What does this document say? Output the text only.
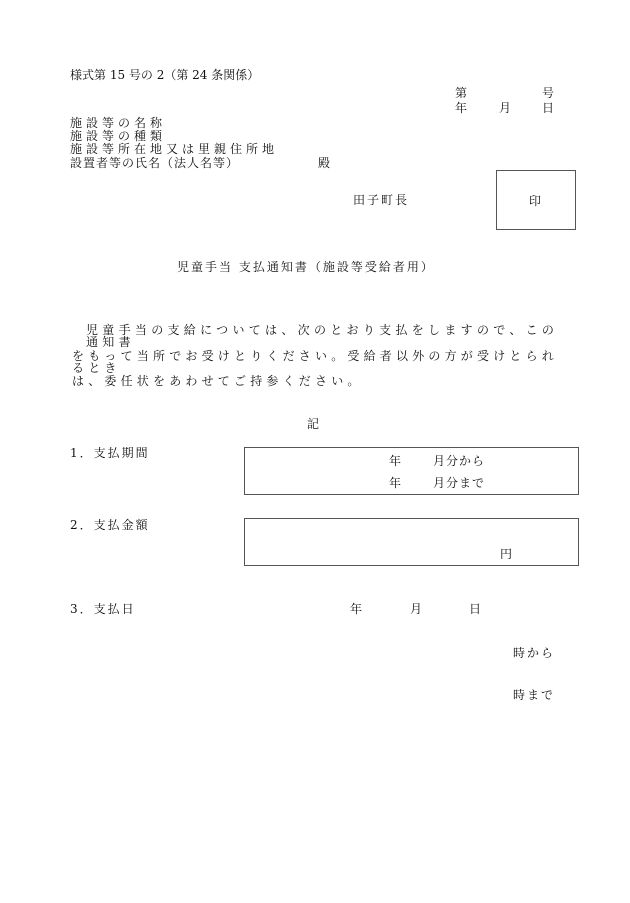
様式第 15 号の 2（第 24 条関係）
第	号
年	月	日
施設等の名称
施設等の種類
施設等所在地又は里親住所地
設置者等の氏名（法人名等）	殿
田子町長	印
児童手当 支払通知書（施設等受給者用）
児童手当の支給については、次のとおり支払をしますので、この通知書
をもって当所でお受けとりください。受給者以外の方が受けとられるとき
は、委任状をあわせてご持参ください。
記
1．支払期間
年	月分から
年	月分まで
2．支払金額
円
3．支払日	年	月	日
時から
時まで
